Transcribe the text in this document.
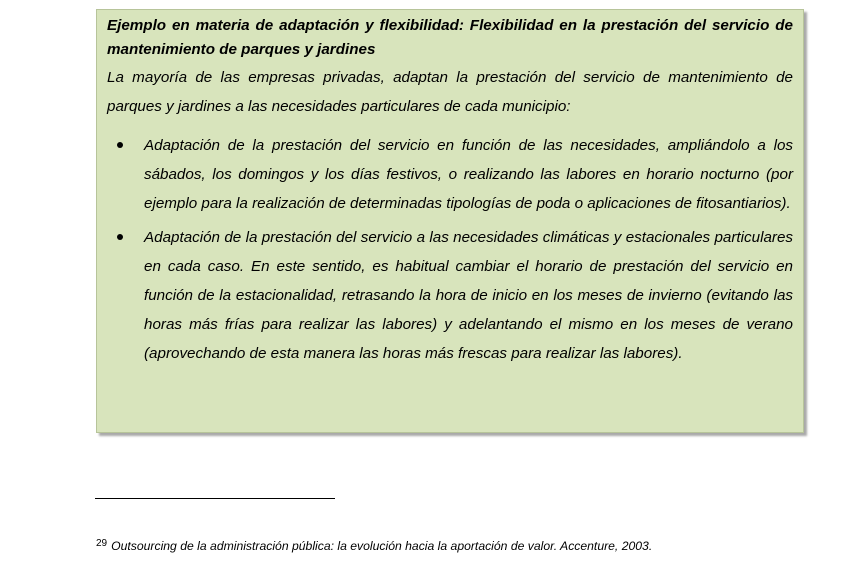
Ejemplo en materia de adaptación y flexibilidad: Flexibilidad en la prestación del servicio de mantenimiento de parques y jardines

La mayoría de las empresas privadas, adaptan la prestación del servicio de mantenimiento de parques y jardines a las necesidades particulares de cada municipio:

Adaptación de la prestación del servicio en función de las necesidades, ampliándolo a los sábados, los domingos y los días festivos, o realizando las labores en horario nocturno (por ejemplo para la realización de determinadas tipologías de poda o aplicaciones de fitosantiarios).
Adaptación de la prestación del servicio a las necesidades climáticas y estacionales particulares en cada caso. En este sentido, es habitual cambiar el horario de prestación del servicio en función de la estacionalidad, retrasando la hora de inicio en los meses de invierno (evitando las horas más frías para realizar las labores) y adelantando el mismo en los meses de verano (aprovechando de esta manera las horas más frescas para realizar las labores).
$^{29}$ Outsourcing de la administración pública: la evolución hacia la aportación de valor. Accenture, 2003.
